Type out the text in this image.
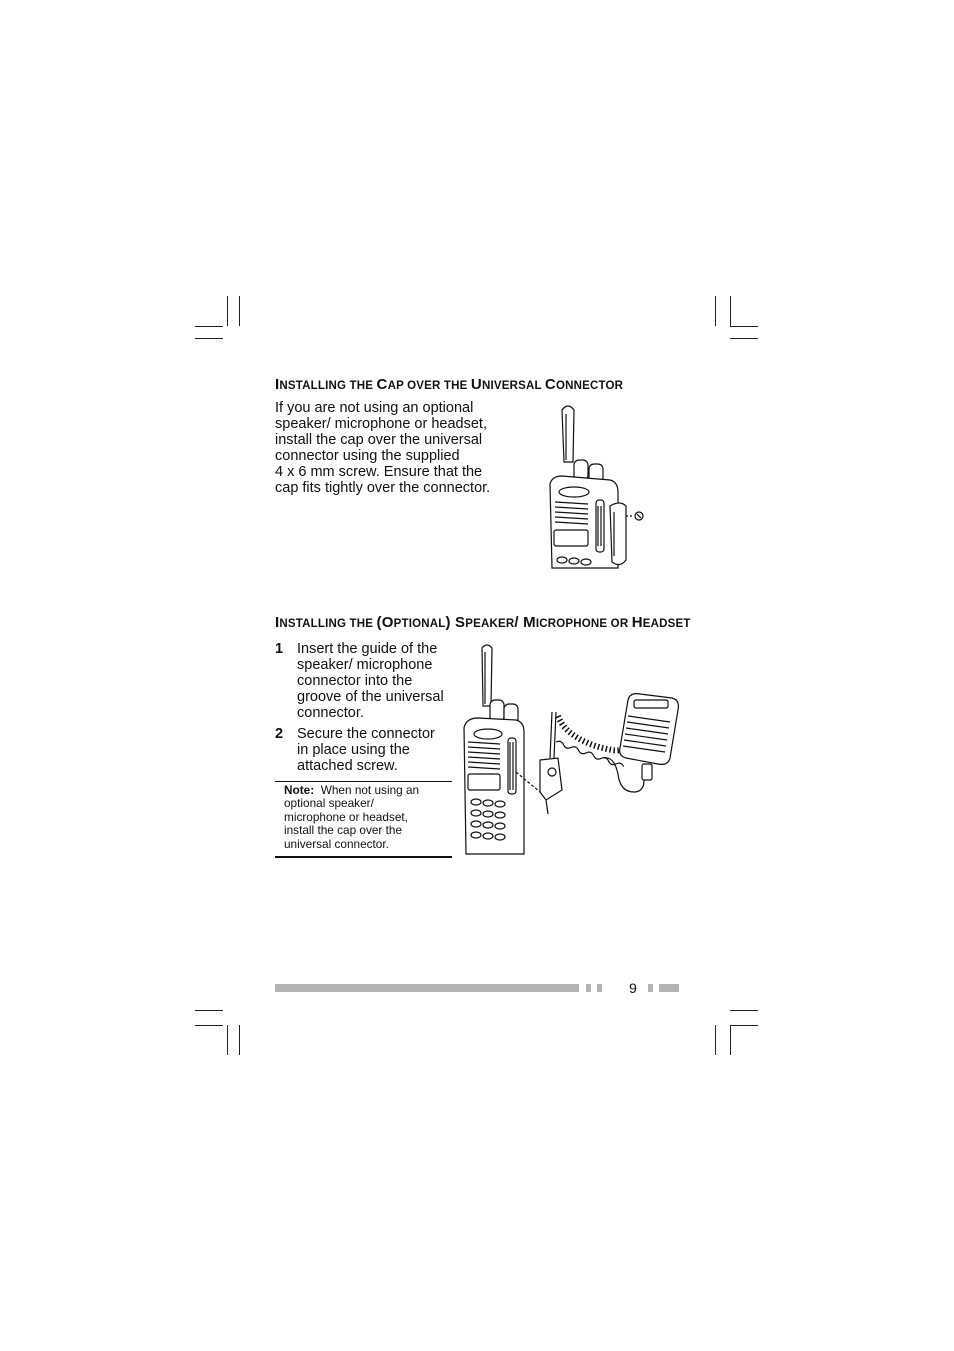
INSTALLING THE CAP OVER THE UNIVERSAL CONNECTOR
If you are not using an optional
speaker/ microphone or headset,
install the cap over the universal
connector using the supplied
4 x 6 mm screw. Ensure that the
cap fits tightly over the connector.
INSTALLING THE (OPTIONAL) SPEAKER/ MICROPHONE OR HEADSET
1 Insert the guide of the
speaker/ microphone
connector into the
groove of the universal
connector.
2 Secure the connector
in place using the
attached screw.
Note: When not using an
optional speaker/
microphone or headset,
install the cap over the
universal connector.
9
